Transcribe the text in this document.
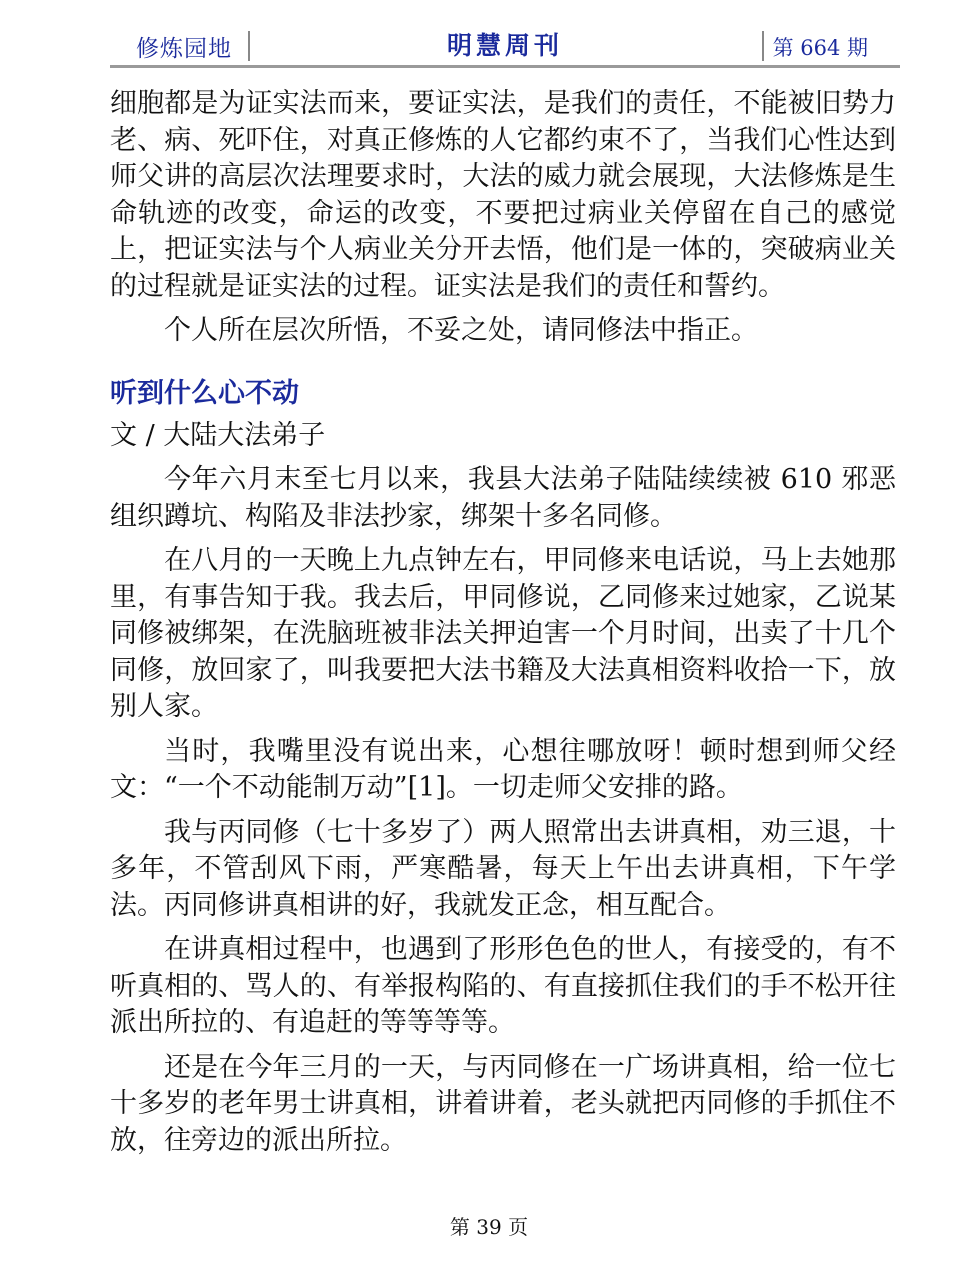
修炼园地	明慧周刊	第 664 期

细胞都是为证实法而来，要证实法，是我们的责任，不能被旧势力老、病、死吓住，对真正修炼的人它都约束不了，当我们心性达到师父讲的高层次法理要求时，大法的威力就会展现，大法修炼是生命轨迹的改变，命运的改变，不要把过病业关停留在自己的感觉上，把证实法与个人病业关分开去悟，他们是一体的，突破病业关的过程就是证实法的过程。证实法是我们的责任和誓约。

个人所在层次所悟，不妥之处，请同修法中指正。

听到什么心不动

文 / 大陆大法弟子

今年六月末至七月以来，我县大法弟子陆陆续续被 610 邪恶组织蹲坑、构陷及非法抄家，绑架十多名同修。

在八月的一天晚上九点钟左右，甲同修来电话说，马上去她那里，有事告知于我。我去后，甲同修说，乙同修来过她家，乙说某同修被绑架，在洗脑班被非法关押迫害一个月时间，出卖了十几个同修，放回家了，叫我要把大法书籍及大法真相资料收拾一下，放别人家。

当时，我嘴里没有说出来，心想往哪放呀！顿时想到师父经文：“一个不动能制万动”[1]。一切走师父安排的路。

我与丙同修（七十多岁了）两人照常出去讲真相，劝三退，十多年，不管刮风下雨，严寒酷暑，每天上午出去讲真相，下午学法。丙同修讲真相讲的好，我就发正念，相互配合。

在讲真相过程中，也遇到了形形色色的世人，有接受的，有不听真相的、骂人的、有举报构陷的、有直接抓住我们的手不松开往派出所拉的、有追赶的等等等等。

还是在今年三月的一天，与丙同修在一广场讲真相，给一位七十多岁的老年男士讲真相，讲着讲着，老头就把丙同修的手抓住不放，往旁边的派出所拉。

第 39 页
